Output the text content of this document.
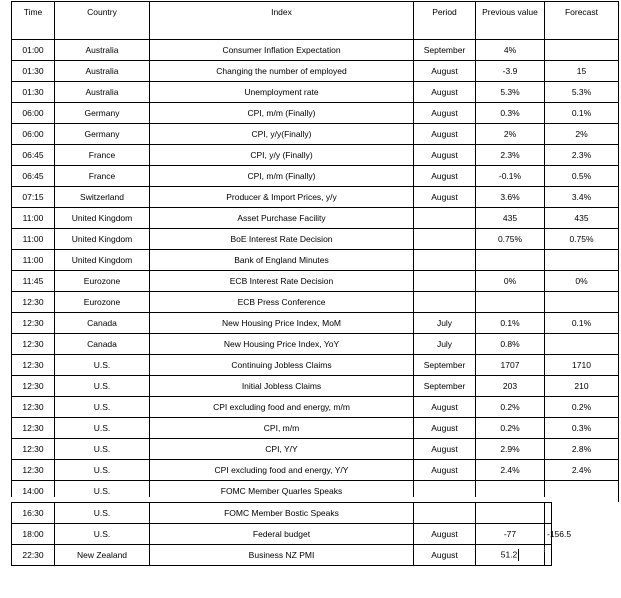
Time	Country	Index	Period	Previous value	Forecast
01:00	Australia	Consumer Inflation Expectation	September	4%	
01:30	Australia	Changing the number of employed	August	-3.9	15
01:30	Australia	Unemployment rate	August	5.3%	5.3%
06:00	Germany	CPI, m/m (Finally)	August	0.3%	0.1%
06:00	Germany	CPI, y/y(Finally)	August	2%	2%
06:45	France	CPI, y/y (Finally)	August	2.3%	2.3%
06:45	France	CPI, m/m (Finally)	August	-0.1%	0.5%
07:15	Switzerland	Producer & Import Prices, y/y	August	3.6%	3.4%
11:00	United Kingdom	Asset Purchase Facility		435	435
11:00	United Kingdom	BoE Interest Rate Decision		0.75%	0.75%
11:00	United Kingdom	Bank of England Minutes			
11:45	Eurozone	ECB Interest Rate Decision		0%	0%
12:30	Eurozone	ECB Press Conference			
12:30	Canada	New Housing Price Index, MoM	July	0.1%	0.1%
12:30	Canada	New Housing Price Index, YoY	July	0.8%	
12:30	U.S.	Continuing Jobless Claims	September	1707	1710
12:30	U.S.	Initial Jobless Claims	September	203	210
12:30	U.S.	CPI excluding food and energy, m/m	August	0.2%	0.2%
12:30	U.S.	CPI, m/m	August	0.2%	0.3%
12:30	U.S.	CPI, Y/Y	August	2.9%	2.8%
12:30	U.S.	CPI excluding food and energy, Y/Y	August	2.4%	2.4%
14:00	U.S.	FOMC Member Quarles Speaks			
16:30	U.S.	FOMC Member Bostic Speaks			
18:00	U.S.	Federal budget	August	-77	-156.5
22:30	New Zealand	Business NZ PMI	August	51.2		⁝
